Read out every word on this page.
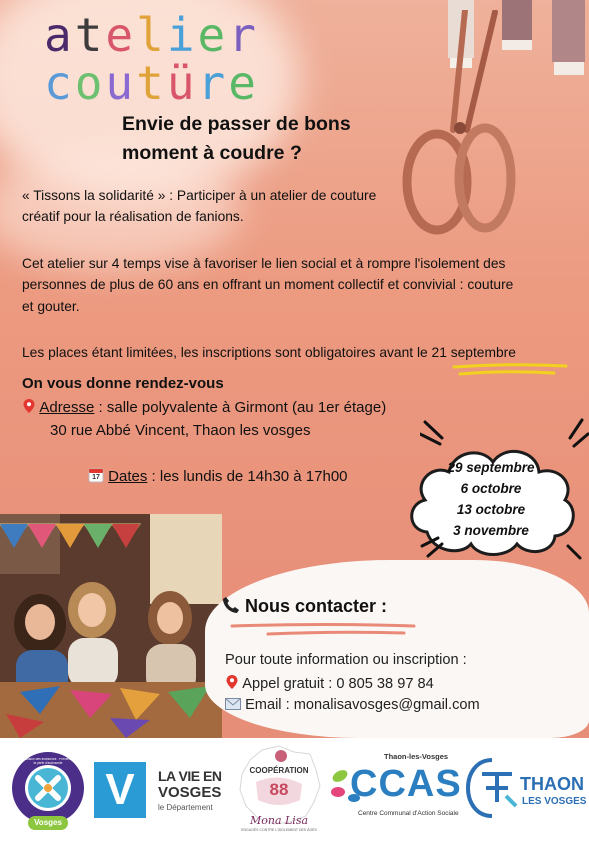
atelier
coutüre
Envie de passer de bons
moment à coudre ?
« Tissons la solidarité » : Participer à un atelier de couture
créatif pour la réalisation de fanions.
Cet atelier sur 4 temps vise à favoriser le lien social et à rompre l'isolement des
personnes de plus de 60 ans en offrant un moment collectif et convivial : couture
et gouter.
Les places étant limitées, les inscriptions sont obligatoires avant le 21 septembre
On vous donne rendez-vous
Adresse : salle polyvalente à Girmont (au 1er étage)
30 rue Abbé Vincent, Thaon les vosges
17 Dates : les lundis de 14h30 à 17h00
29 septembre
6 octobre
13 octobre
3 novembre
Nous contacter :
Pour toute information ou inscription :
Appel gratuit : 0 805 38 97 84
Email : monalisavosges@gmail.com
Commission des financeurs · Prévention de la perte d'autonomie
Vosges
V	LA VIE EN
VOSGES
le Département
COOPÉRATION
88
Mona Lisa
ENGAGÉS CONTRE L'ISOLEMENT DES ÂGÉS
Thaon-les-Vosges
CCAS
Centre Communal d'Action Sociale
THAON
LES VOSGES
